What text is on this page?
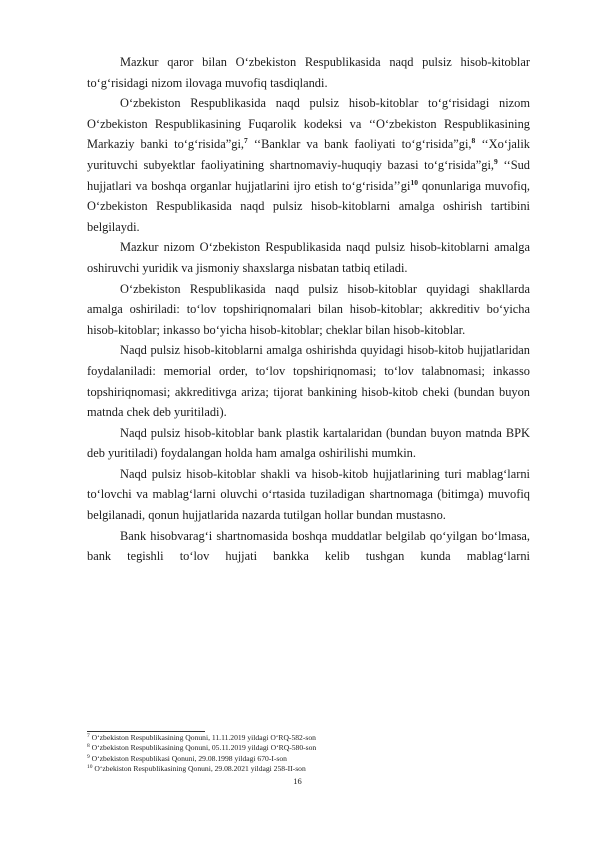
Mazkur qaror bilan O‘zbekiston Respublikasida naqd pulsiz hisob-kitoblar to‘g‘risidagi nizom ilovaga muvofiq tasdiqlandi.

O‘zbekiston Respublikasida naqd pulsiz hisob-kitoblar to‘g‘risidagi nizom O‘zbekiston Respublikasining Fuqarolik kodeksi va ‘‘O‘zbekiston Respublikasining Markaziy banki to‘g‘risida”gi,$^7$ ‘‘Banklar va bank faoliyati to‘g‘risida”gi,$^8$ ‘‘Xo‘jalik yurituvchi subyektlar faoliyatining shartnomaviy-huquqiy bazasi to‘g‘risida”gi,$^9$ ‘‘Sud hujjatlari va boshqa organlar hujjatlarini ijro etish $to‘g‘risida’’gi^{10}$ qonunlariga muvofiq, O‘zbekiston Respublikasida naqd pulsiz hisob-kitoblarni amalga oshirish tartibini belgilaydi.

Mazkur nizom O‘zbekiston Respublikasida naqd pulsiz hisob-kitoblarni amalga oshiruvchi yuridik va jismoniy shaxslarga nisbatan tatbiq etiladi.

O‘zbekiston Respublikasida naqd pulsiz hisob-kitoblar quyidagi shakllarda amalga oshiriladi: to‘lov topshiriqnomalari bilan hisob-kitoblar; akkreditiv bo‘yicha hisob-kitoblar; inkasso bo‘yicha hisob-kitoblar; cheklar bilan hisob-kitoblar.

Naqd pulsiz hisob-kitoblarni amalga oshirishda quyidagi hisob-kitob hujjatlaridan foydalaniladi: memorial order, to‘lov topshiriqnomasi; to‘lov talabnomasi; inkasso topshiriqnomasi; akkreditivga ariza; tijorat bankining hisob-kitob cheki (bundan buyon matnda chek deb yuritiladi).

Naqd pulsiz hisob-kitoblar bank plastik kartalaridan (bundan buyon matnda BPK deb yuritiladi) foydalangan holda ham amalga oshirilishi mumkin.

Naqd pulsiz hisob-kitoblar shakli va hisob-kitob hujjatlarining turi mablag‘larni to‘lovchi va mablag‘larni oluvchi o‘rtasida tuziladigan shartnomaga (bitimga) muvofiq belgilanadi, qonun hujjatlarida nazarda tutilgan hollar bundan mustasno.

Bank hisobvarag‘i shartnomasida boshqa muddatlar belgilab qo‘yilgan bo‘lmasa, bank tegishli to‘lov hujjati bankka kelib tushgan kunda mablag‘larni

$^7$ O‘zbekiston Respublikasining Qonuni, 11.11.2019 yildagi O‘RQ-582-son
$^8$ O‘zbekiston Respublikasining Qonuni, 05.11.2019 yildagi O‘RQ-580-son
$^9$ O‘zbekiston Respublikasi Qonuni, 29.08.1998 yildagi 670-I-son
$^{10}$ O‘zbekiston Respublikasining Qonuni, 29.08.2021 yildagi 258-II-son
16
